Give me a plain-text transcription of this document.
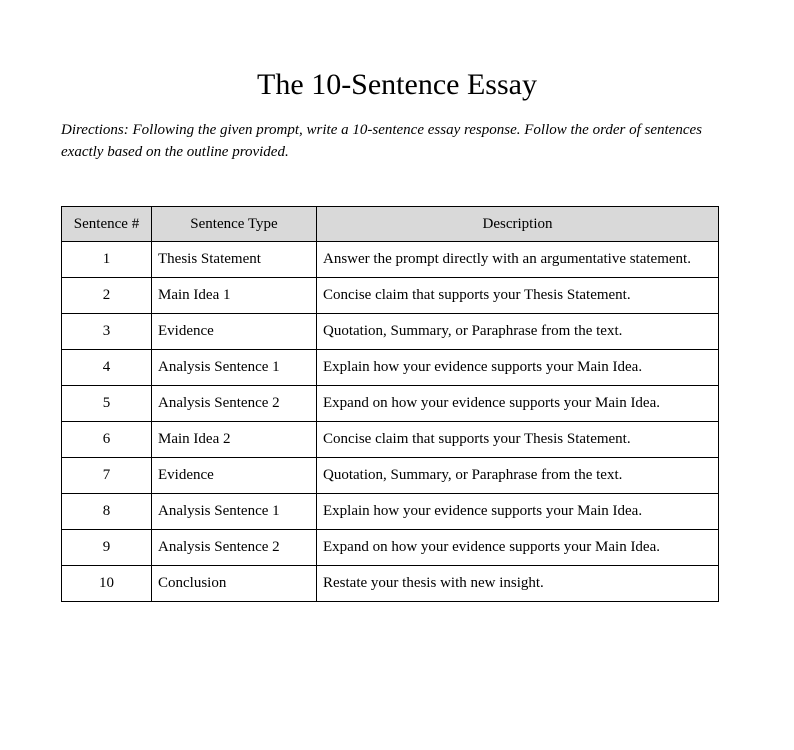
The 10-Sentence Essay

Directions: Following the given prompt, write a 10-sentence essay response. Follow the order of sentences exactly based on the outline provided.

Sentence #	Sentence Type	Description
1	Thesis Statement	Answer the prompt directly with an argumentative statement.
2	Main Idea 1	Concise claim that supports your Thesis Statement.
3	Evidence	Quotation, Summary, or Paraphrase from the text.
4	Analysis Sentence 1	Explain how your evidence supports your Main Idea.
5	Analysis Sentence 2	Expand on how your evidence supports your Main Idea.
6	Main Idea 2	Concise claim that supports your Thesis Statement.
7	Evidence	Quotation, Summary, or Paraphrase from the text.
8	Analysis Sentence 1	Explain how your evidence supports your Main Idea.
9	Analysis Sentence 2	Expand on how your evidence supports your Main Idea.
10	Conclusion	Restate your thesis with new insight.
